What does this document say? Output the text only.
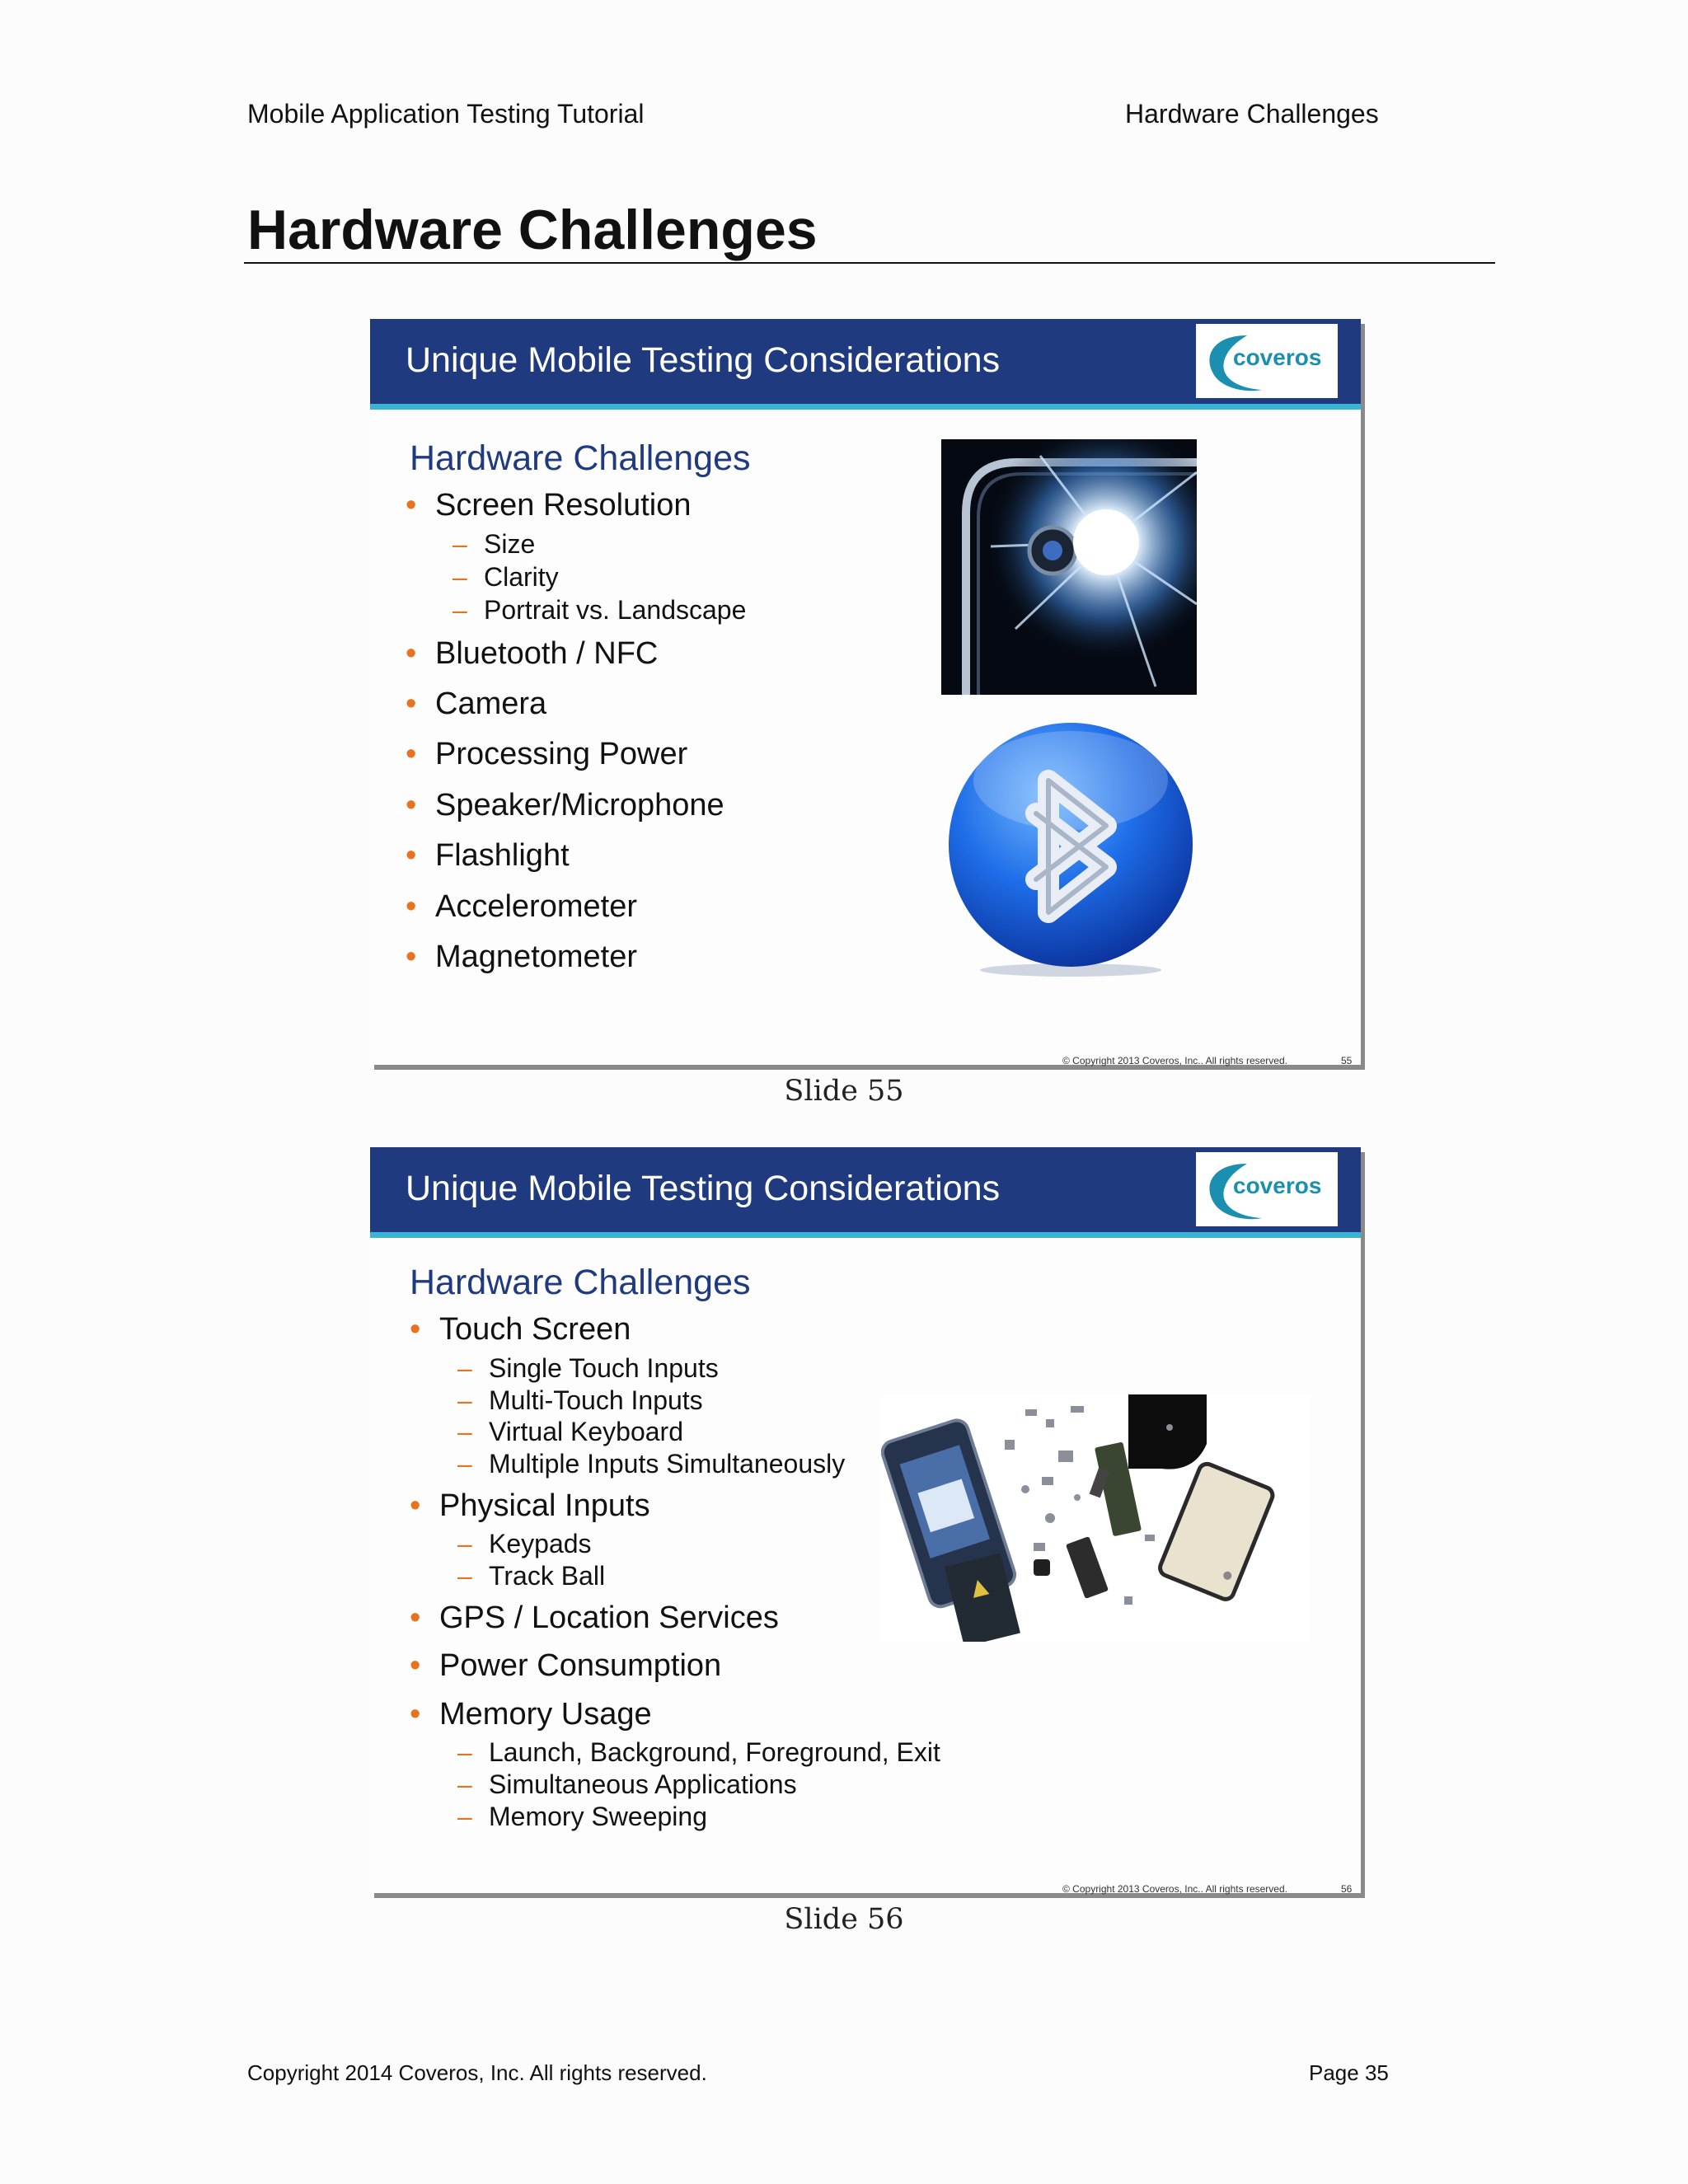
Mobile Application Testing Tutorial	Hardware Challenges
Hardware Challenges
Unique Mobile Testing Considerations	coveros
Hardware Challenges
• Screen Resolution
– Size
– Clarity
– Portrait vs. Landscape
• Bluetooth / NFC
• Camera
• Processing Power
• Speaker/Microphone
• Flashlight
• Accelerometer
• Magnetometer
© Copyright 2013 Coveros, Inc.. All rights reserved.	55
Slide 55
Unique Mobile Testing Considerations	coveros
Hardware Challenges
• Touch Screen
– Single Touch Inputs
– Multi-Touch Inputs
– Virtual Keyboard
– Multiple Inputs Simultaneously
• Physical Inputs
– Keypads
– Track Ball
• GPS / Location Services
• Power Consumption
• Memory Usage
– Launch, Background, Foreground, Exit
– Simultaneous Applications
– Memory Sweeping
© Copyright 2013 Coveros, Inc.. All rights reserved.	56
Slide 56
Copyright 2014 Coveros, Inc. All rights reserved.	Page 35
